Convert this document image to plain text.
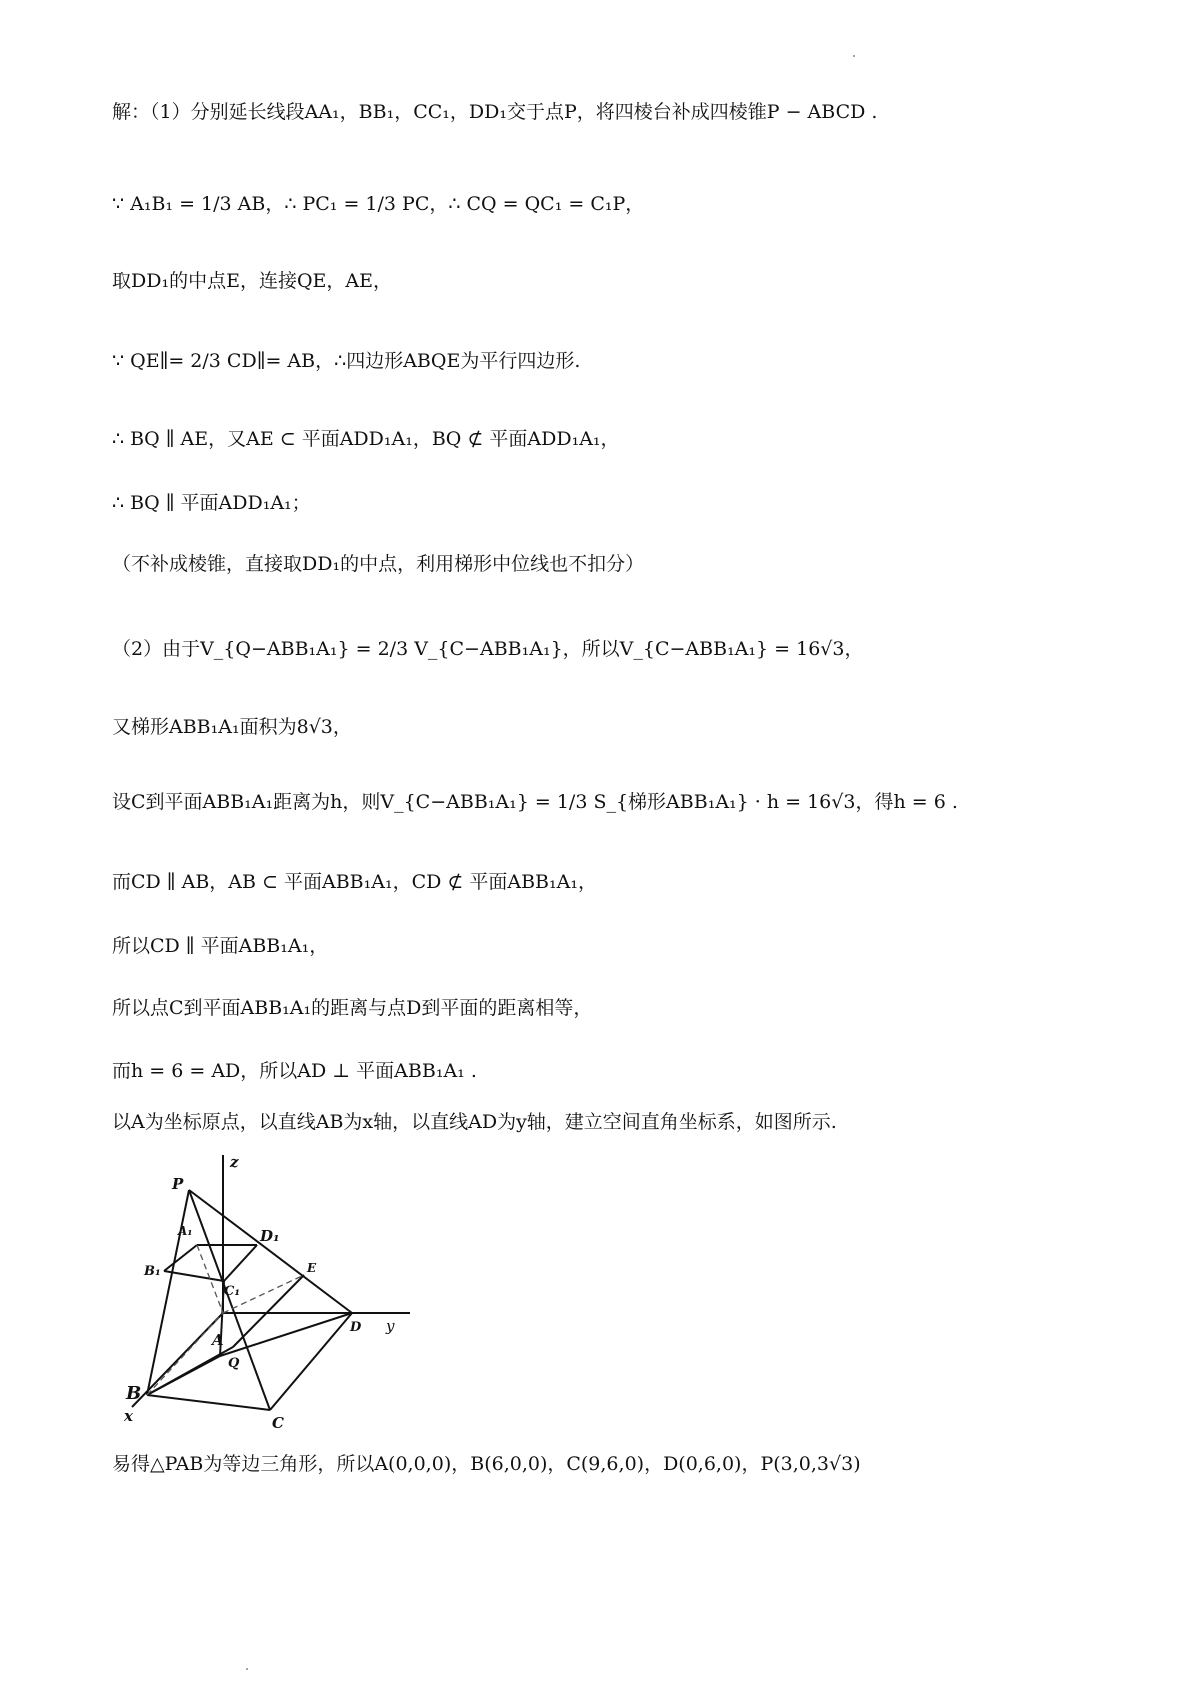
解：（1）分别延长线段AA₁，BB₁，CC₁，DD₁交于点P，将四棱台补成四棱锥P − ABCD .
∵ A₁B₁ = 1/3 AB，∴ PC₁ = 1/3 PC，∴ CQ = QC₁ = C₁P，
取DD₁的中点E，连接QE，AE，
∵ QE∥= 2/3 CD∥= AB，∴四边形ABQE为平行四边形.
∴ BQ ∥ AE，又AE ⊂ 平面ADD₁A₁，BQ ⊄ 平面ADD₁A₁，
∴ BQ ∥ 平面ADD₁A₁；
（不补成棱锥，直接取DD₁的中点，利用梯形中位线也不扣分）
（2）由于V_{Q−ABB₁A₁} = 2/3 V_{C−ABB₁A₁}，所以V_{C−ABB₁A₁} = 16√3，
又梯形ABB₁A₁面积为8√3，
设C到平面ABB₁A₁距离为h，则V_{C−ABB₁A₁} = 1/3 S_{梯形ABB₁A₁} · h = 16√3，得h = 6 .
而CD ∥ AB，AB ⊂ 平面ABB₁A₁，CD ⊄ 平面ABB₁A₁，
所以CD ∥ 平面ABB₁A₁，
所以点C到平面ABB₁A₁的距离与点D到平面的距离相等，
而h = 6 = AD，所以AD ⊥ 平面ABB₁A₁ .
以A为坐标原点，以直线AB为x轴，以直线AD为y轴，建立空间直角坐标系，如图所示.
z
P
A₁	D₁
B₁
C₁
E
A
D y
Q
B
x	C
易得△PAB为等边三角形，所以A(0,0,0)，B(6,0,0)，C(9,6,0)，D(0,6,0)，P(3,0,3√3)
